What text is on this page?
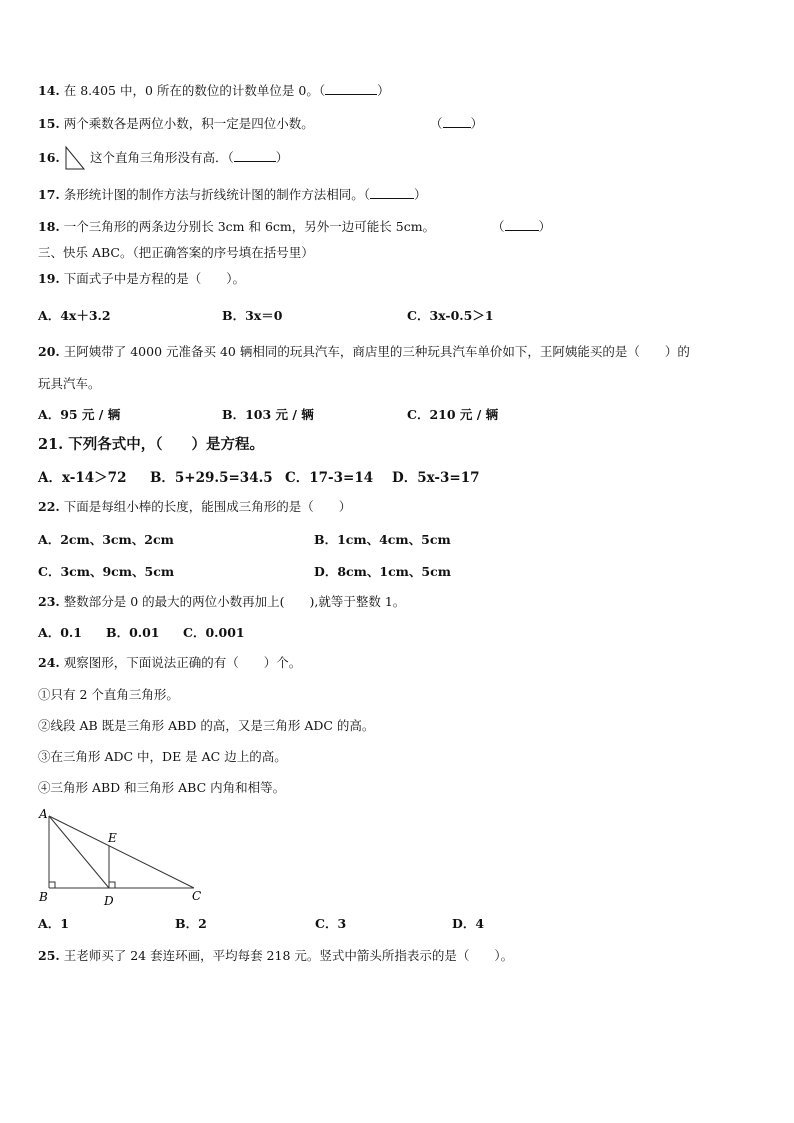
14. 在 8.405 中，0 所在的数位的计数单位是 0。（	）
15. 两个乘数各是两位小数，积一定是四位小数。	（ ）
16. 这个直角三角形没有高．（	）
17. 条形统计图的制作方法与折线统计图的制作方法相同。（	）
18. 一个三角形的两条边分别长 3cm 和 6cm，另外一边可能长 5cm。	（	）
三、快乐 ABC。（把正确答案的序号填在括号里）
19. 下面式子中是方程的是（　　）。
A．4x＋3.2	B．3x＝0	C．3x-0.5＞1
20. 王阿姨带了 4000 元准备买 40 辆相同的玩具汽车，商店里的三种玩具汽车单价如下，王阿姨能买的是（　　）的
玩具汽车。
A．95 元 / 辆	B．103 元 / 辆	C．210 元 / 辆
21. 下列各式中，（　　）是方程。
A．x-14＞72 B．5+29.5=34.5 C．17-3=14 D．5x-3=17
22. 下面是每组小棒的长度，能围成三角形的是（　　）
A．2cm、3cm、2cm	B．1cm、4cm、5cm
C．3cm、9cm、5cm	D．8cm、1cm、5cm
23. 整数部分是 0 的最大的两位小数再加上(　　),就等于整数 1。
A．0.1 B．0.01 C．0.001
24. 观察图形，下面说法正确的有（　　）个。
①只有 2 个直角三角形。
②线段 AB 既是三角形 ABD 的高，又是三角形 ADC 的高。
③在三角形 ADC 中，DE 是 AC 边上的高。
④三角形 ABD 和三角形 ABC 内角和相等。
A
B	D
E
C
A．1	B．2	C．3	D．4
25. 王老师买了 24 套连环画，平均每套 218 元。竖式中箭头所指表示的是（　　）。
